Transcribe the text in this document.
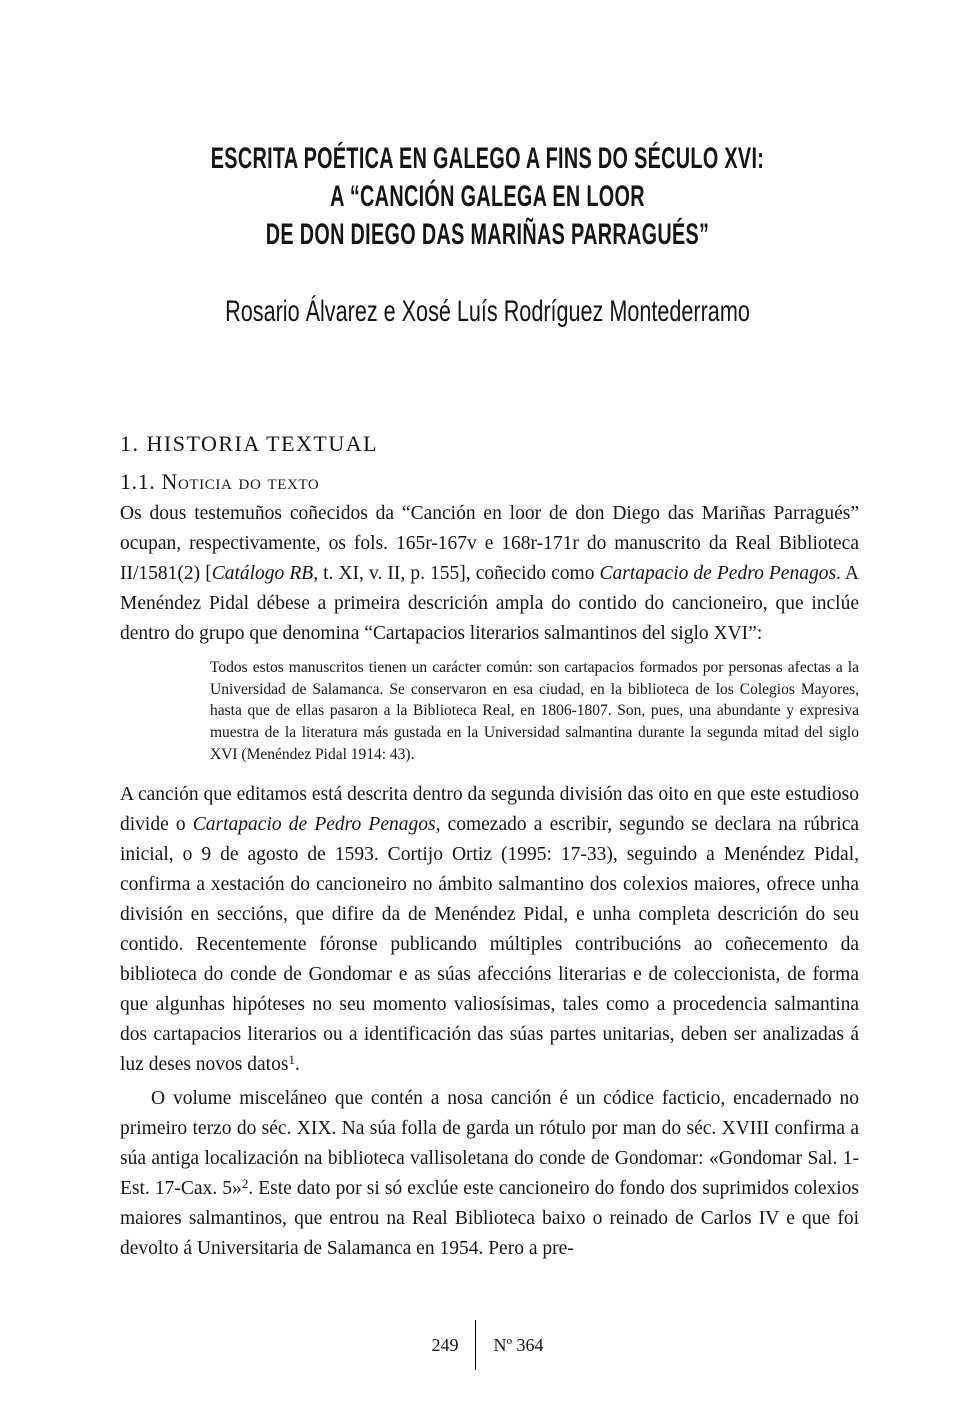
ESCRITA POÉTICA EN GALEGO A FINS DO SÉCULO XVI:
A “CANCIÓN GALEGA EN LOOR
DE DON DIEGO DAS MARIÑAS PARRAGUÉS”
Rosario Álvarez e Xosé Luís Rodríguez Montederramo
1. HISTORIA TEXTUAL
1.1. Noticia do texto

Os dous testemuños coñecidos da “Canción en loor de don Diego das Mariñas Parragués” ocupan, respectivamente, os fols. 165r-167v e 168r-171r do manuscrito da Real Biblioteca II/1581(2) [Catálogo RB, t. XI, v. II, p. 155], coñecido como Cartapacio de Pedro Penagos. A Menéndez Pidal débese a primeira descrición ampla do contido do cancioneiro, que inclúe dentro do grupo que denomina “Cartapacios literarios salmantinos del siglo XVI”:

Todos estos manuscritos tienen un carácter común: son cartapacios formados por personas afectas a la Universidad de Salamanca. Se conservaron en esa ciudad, en la biblioteca de los Colegios Mayores, hasta que de ellas pasaron a la Biblioteca Real, en 1806-1807. Son, pues, una abundante y expresiva muestra de la literatura más gustada en la Universidad salmantina durante la segunda mitad del siglo XVI (Menéndez Pidal 1914: 43).

A canción que editamos está descrita dentro da segunda división das oito en que este estudioso divide o Cartapacio de Pedro Penagos, comezado a escribir, segundo se declara na rúbrica inicial, o 9 de agosto de 1593. Cortijo Ortiz (1995: 17-33), seguindo a Menéndez Pidal, confirma a xestación do cancioneiro no ámbito salmantino dos colexios maiores, ofrece unha división en seccións, que difire da de Menéndez Pidal, e unha completa descrición do seu contido. Recentemente fóronse publicando múltiples contribucións ao coñecemento da biblioteca do conde de Gondomar e as súas afeccións literarias e de coleccionista, de forma que algunhas hipóteses no seu momento valiosísimas, tales como a procedencia salmantina dos cartapacios literarios ou a identificación das súas partes unitarias, deben ser analizadas á luz deses novos datos$^1$.

O volume misceláneo que contén a nosa canción é un códice facticio, encadernado no primeiro terzo do séc. XIX. Na súa folla de garda un rótulo por man do séc. XVIII confirma a súa antiga localización na biblioteca vallisoletana do conde de Gondomar: «Gondomar Sal. 1-Est. 17-Cax. 5»$^2$. Este dato por si só exclúe este cancioneiro do fondo dos suprimidos colexios maiores salmantinos, que entrou na Real Biblioteca baixo o reinado de Carlos IV e que foi devolto á Universitaria de Salamanca en 1954. Pero a pre-

249 Nº 364
